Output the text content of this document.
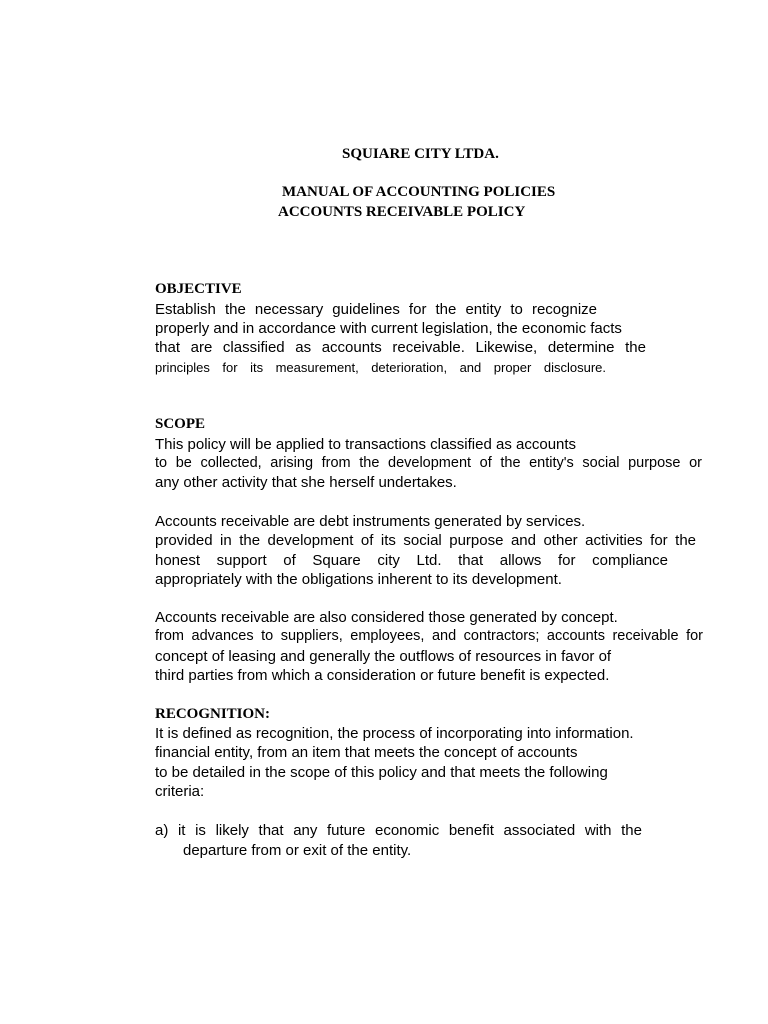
SQUIARE CITY LTDA.
MANUAL OF ACCOUNTING POLICIES
ACCOUNTS RECEIVABLE POLICY
OBJECTIVE
Establish the necessary guidelines for the entity to recognize
properly and in accordance with current legislation, the economic facts
that are classified as accounts receivable. Likewise, determine the
principles for its measurement, deterioration, and proper disclosure.
SCOPE
This policy will be applied to transactions classified as accounts
to be collected, arising from the development of the entity's social purpose or
any other activity that she herself undertakes.
Accounts receivable are debt instruments generated by services.
provided in the development of its social purpose and other activities for the
honest support of Square city Ltd. that allows for compliance
appropriately with the obligations inherent to its development.
Accounts receivable are also considered those generated by concept.
from advances to suppliers, employees, and contractors; accounts receivable for
concept of leasing and generally the outflows of resources in favor of
third parties from which a consideration or future benefit is expected.
RECOGNITION:
It is defined as recognition, the process of incorporating into information.
financial entity, from an item that meets the concept of accounts
to be detailed in the scope of this policy and that meets the following
criteria:
a) it is likely that any future economic benefit associated with the
departure from or exit of the entity.
